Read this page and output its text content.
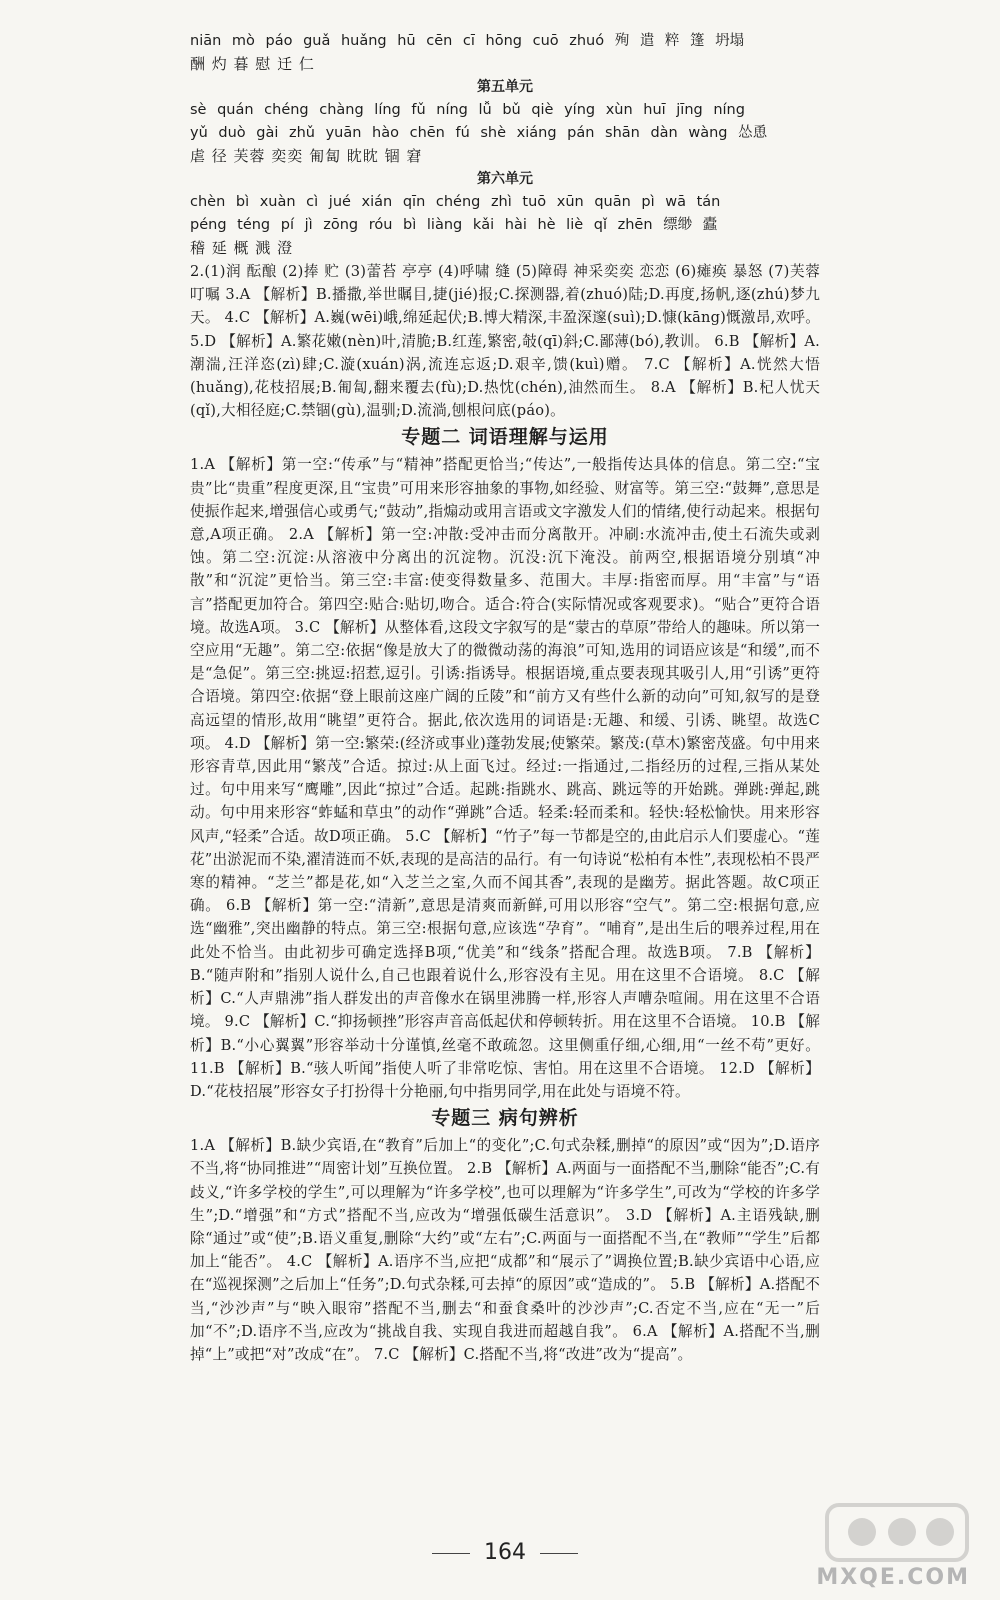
niān mò páo guǎ huǎng hū cēn cī hōng cuō zhuó 殉 遣 粹 篷 坍塌
酬 灼 暮 慰 迁 仁
第五单元
sè quán chéng chàng líng fǔ níng lǚ bǔ qiè yíng xùn huī jīng níng
yǔ duò gài zhǔ yuān hào chēn fú shè xiáng pán shān dàn wàng 怂恿
虐 径 芙蓉 奕奕 匍匐 眈眈 锢 窘
第六单元
chèn bì xuàn cì jué xián qīn chéng zhì tuō xūn quān pì wā tán
péng téng pí jì zōng róu bì liàng kǎi hài hè liè qǐ zhēn 缥缈 蠹
稽 延 概 溅 澄
2.(1)润 酝酿 (2)捧 贮 (3)蕾苔 亭亭 (4)呼啸 缝 (5)障碍 神采奕奕 恋恋 (6)瘫痪 暴怒 (7)芙蓉 叮嘱 3.A 【解析】B.播撒,举世瞩目,捷(jié)报;C.探测器,着(zhuó)陆;D.再度,扬帆,逐(zhú)梦九天。 4.C 【解析】A.巍(wēi)峨,绵延起伏;B.博大精深,丰盈深邃(suì);D.慷(kāng)慨激昂,欢呼。 5.D 【解析】A.繁花嫩(nèn)叶,清脆;B.红莲,繁密,攲(qī)斜;C.鄙薄(bó),教训。 6.B 【解析】A.潮湍,汪洋恣(zì)肆;C.漩(xuán)涡,流连忘返;D.艰辛,馈(kuì)赠。 7.C 【解析】A.恍然大悟(huǎng),花枝招展;B.匍匐,翻来覆去(fù);D.热忱(chén),油然而生。 8.A 【解析】B.杞人忧天(qǐ),大相径庭;C.禁锢(gù),温驯;D.流淌,刨根问底(páo)。
专题二 词语理解与运用
1.A 【解析】第一空:“传承”与“精神”搭配更恰当;“传达”,一般指传达具体的信息。第二空:“宝贵”比“贵重”程度更深,且“宝贵”可用来形容抽象的事物,如经验、财富等。第三空:“鼓舞”,意思是使振作起来,增强信心或勇气;“鼓动”,指煽动或用言语或文字激发人们的情绪,使行动起来。根据句意,A项正确。 2.A 【解析】第一空:冲散:受冲击而分离散开。冲刷:水流冲击,使土石流失或剥蚀。第二空:沉淀:从溶液中分离出的沉淀物。沉没:沉下淹没。前两空,根据语境分别填“冲散”和“沉淀”更恰当。第三空:丰富:使变得数量多、范围大。丰厚:指密而厚。用“丰富”与“语言”搭配更加符合。第四空:贴合:贴切,吻合。适合:符合(实际情况或客观要求)。“贴合”更符合语境。故选A项。 3.C 【解析】从整体看,这段文字叙写的是“蒙古的草原”带给人的趣味。所以第一空应用“无趣”。第二空:依据“像是放大了的微微动荡的海浪”可知,选用的词语应该是“和缓”,而不是“急促”。第三空:挑逗:招惹,逗引。引诱:指诱导。根据语境,重点要表现其吸引人,用“引诱”更符合语境。第四空:依据“登上眼前这座广阔的丘陵”和“前方又有些什么新的动向”可知,叙写的是登高远望的情形,故用“眺望”更符合。据此,依次选用的词语是:无趣、和缓、引诱、眺望。故选C项。 4.D 【解析】第一空:繁荣:(经济或事业)蓬勃发展;使繁荣。繁茂:(草木)繁密茂盛。句中用来形容青草,因此用“繁茂”合适。掠过:从上面飞过。经过:一指通过,二指经历的过程,三指从某处过。句中用来写“鹰雕”,因此“掠过”合适。起跳:指跳水、跳高、跳远等的开始跳。弹跳:弹起,跳动。句中用来形容“蚱蜢和草虫”的动作“弹跳”合适。轻柔:轻而柔和。轻快:轻松愉快。用来形容风声,“轻柔”合适。故D项正确。 5.C 【解析】“竹子”每一节都是空的,由此启示人们要虚心。“莲花”出淤泥而不染,濯清涟而不妖,表现的是高洁的品行。有一句诗说“松柏有本性”,表现松柏不畏严寒的精神。“芝兰”都是花,如“入芝兰之室,久而不闻其香”,表现的是幽芳。据此答题。故C项正确。 6.B 【解析】第一空:“清新”,意思是清爽而新鲜,可用以形容“空气”。第二空:根据句意,应选“幽雅”,突出幽静的特点。第三空:根据句意,应该选“孕育”。“哺育”,是出生后的喂养过程,用在此处不恰当。由此初步可确定选择B项,“优美”和“线条”搭配合理。故选B项。 7.B 【解析】B.“随声附和”指别人说什么,自己也跟着说什么,形容没有主见。用在这里不合语境。 8.C 【解析】C.“人声鼎沸”指人群发出的声音像水在锅里沸腾一样,形容人声嘈杂喧闹。用在这里不合语境。 9.C 【解析】C.“抑扬顿挫”形容声音高低起伏和停顿转折。用在这里不合语境。 10.B 【解析】B.“小心翼翼”形容举动十分谨慎,丝毫不敢疏忽。这里侧重仔细,心细,用“一丝不苟”更好。 11.B 【解析】B.“骇人听闻”指使人听了非常吃惊、害怕。用在这里不合语境。 12.D 【解析】D.“花枝招展”形容女子打扮得十分艳丽,句中指男同学,用在此处与语境不符。
专题三 病句辨析
1.A 【解析】B.缺少宾语,在“教育”后加上“的变化”;C.句式杂糅,删掉“的原因”或“因为”;D.语序不当,将“协同推进”“周密计划”互换位置。 2.B 【解析】A.两面与一面搭配不当,删除“能否”;C.有歧义,“许多学校的学生”,可以理解为“许多学校”,也可以理解为“许多学生”,可改为“学校的许多学生”;D.“增强”和“方式”搭配不当,应改为“增强低碳生活意识”。 3.D 【解析】A.主语残缺,删除“通过”或“使”;B.语义重复,删除“大约”或“左右”;C.两面与一面搭配不当,在“教师”“学生”后都加上“能否”。 4.C 【解析】A.语序不当,应把“成都”和“展示了”调换位置;B.缺少宾语中心语,应在“巡视探测”之后加上“任务”;D.句式杂糅,可去掉“的原因”或“造成的”。 5.B 【解析】A.搭配不当,“沙沙声”与“映入眼帘”搭配不当,删去“和蚕食桑叶的沙沙声”;C.否定不当,应在“无一”后加“不”;D.语序不当,应改为“挑战自我、实现自我进而超越自我”。 6.A 【解析】A.搭配不当,删掉“上”或把“对”改成“在”。 7.C 【解析】C.搭配不当,将“改进”改为“提高”。
164
MXQE.COM
